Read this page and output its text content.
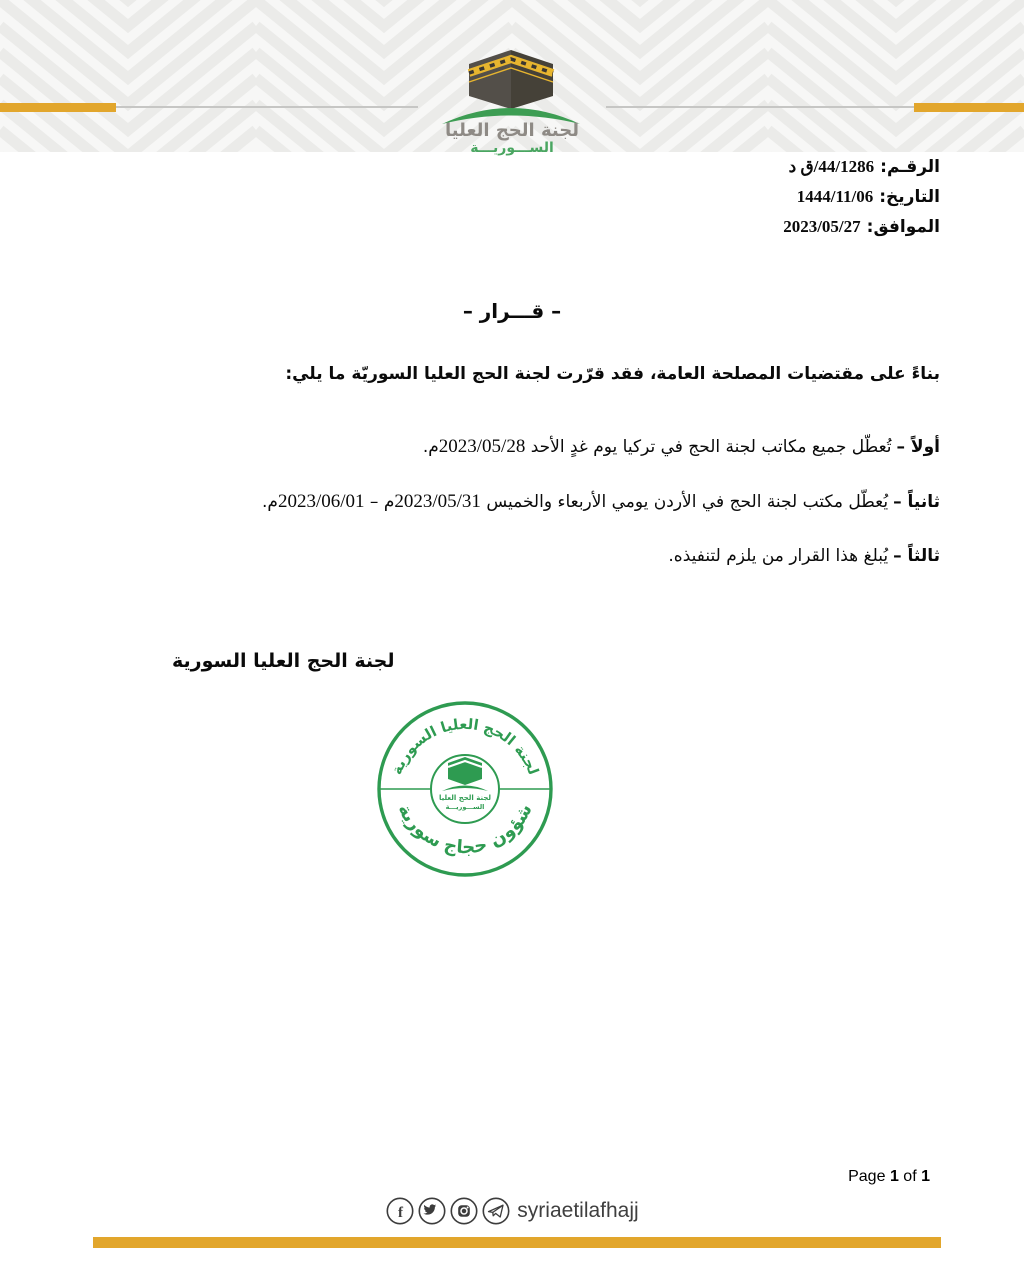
لجنة الحج العليا
الســـوريـــة
الرقـم:44/1286/ق د
التاريخ:1444/11/06
الموافق:2023/05/27
– قـــرار –
بناءً على مقتضيات المصلحة العامة، فقد قرّرت لجنة الحج العليا السوريّة ما يلي:
أولاً –تُعطّل جميع مكاتب لجنة الحج في تركيا يوم غدٍ الأحد 2023/05/28م.
ثانياً –يُعطّل مكتب لجنة الحج في الأردن يومي الأربعاء والخميس 2023/05/31م – 2023/06/01م.
ثالثاً –يُبلغ هذا القرار من يلزم لتنفيذه.
لجنة الحج العليا السورية
لجنة الحج العليا السورية
شؤون حجاج سورية
لجنة الحج العليا
الســـوريـــة
Page 1 of 1
f	syriaetilafhajj
